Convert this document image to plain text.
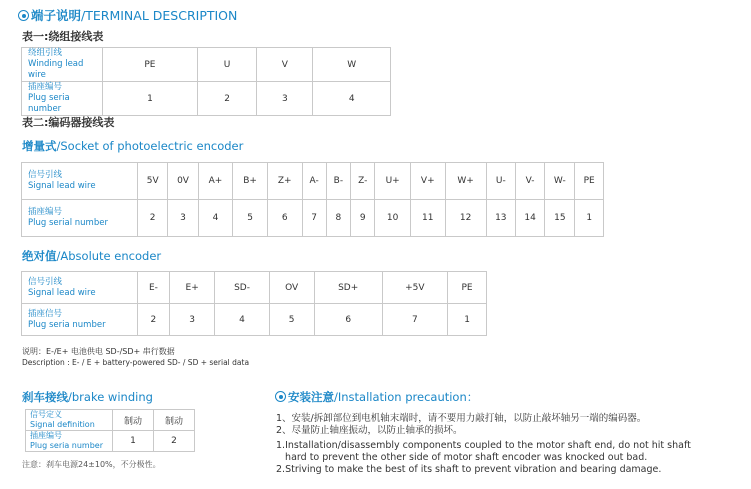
端子说明/TERMINAL DESCRIPTION
表一:绕组接线表
绕组引线
Winding lead wire	PE	U	V	W

插座编号
Plug seria number	1	2	3	4
表二:编码器接线表
增量式/Socket of photoelectric encoder
信号引线
Signal lead wire	5V	0V	A+	B+	Z+	A-	B-	Z-	U+	V+	W+	U-	V-	W-	PE

插座编号
Plug serial number	2	3	4	5	6	7	8	9	10	11	12	13	14	15	1
绝对值/Absolute encoder
信号引线
Signal lead wire	E-	E+	SD-	OV	SD+	+5V	PE

插座信号
Plug seria number	2	3	4	5	6	7	1
说明：E-/E+ 电池供电 SD-/SD+ 串行数据
Description : E- / E + battery-powered SD- / SD + serial data
刹车接线/brake winding
信号定义
Signal definition	制动	制动

插座编号
Plug seria number	1	2
注意：刹车电源24±10%，不分极性。
安装注意/Installation precaution：
1、安装/拆卸部位到电机轴末端时，请不要用力敲打轴，以防止敲坏轴另一端的编码器。
2、尽量防止轴座振动，以防止轴承的损坏。
1.Installation/disassembly components coupled to the motor shaft end, do not hit shaft
hard to prevent the other side of motor shaft encoder was knocked out bad.
2.Striving to make the best of its shaft to prevent vibration and bearing damage.
